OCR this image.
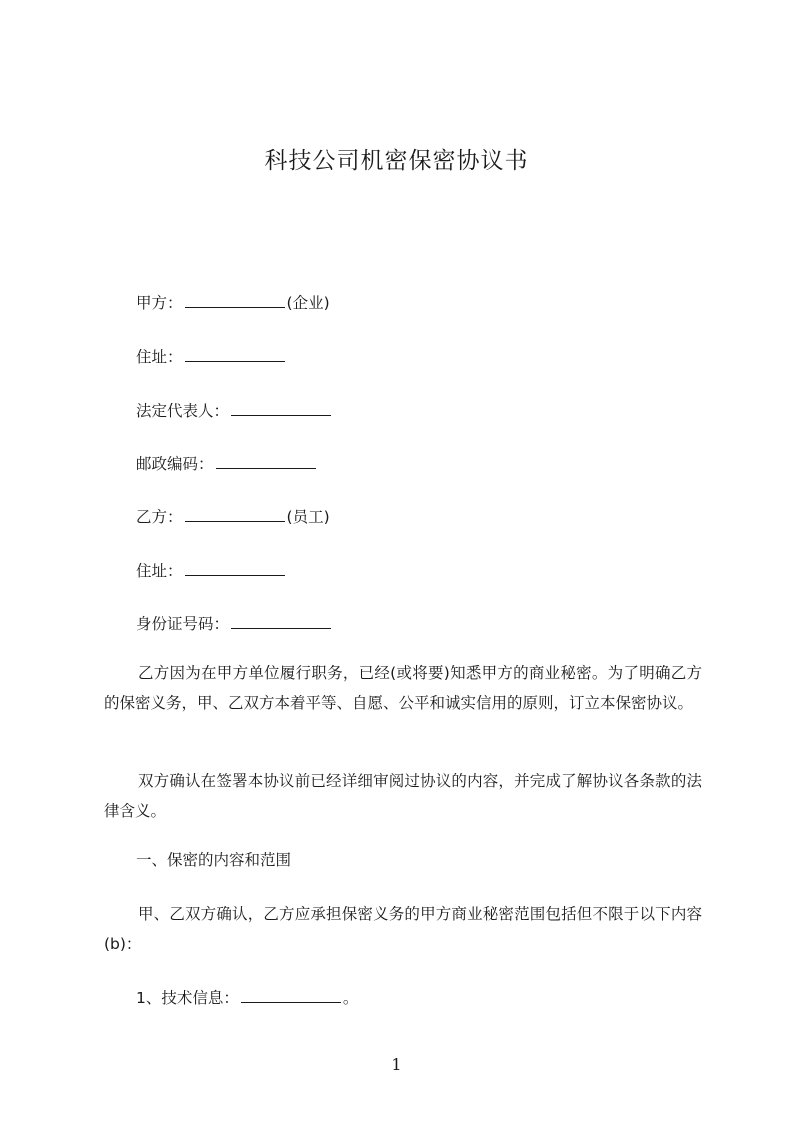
科技公司机密保密协议书
甲方：	(企业)
住址：
法定代表人：
邮政编码：
乙方：	(员工)
住址：
身份证号码：
乙方因为在甲方单位履行职务，已经(或将要)知悉甲方的商业秘密。为了明确乙方的保密义务，甲、乙双方本着平等、自愿、公平和诚实信用的原则，订立本保密协议。
双方确认在签署本协议前已经详细审阅过协议的内容，并完成了解协议各条款的法律含义。
一、保密的内容和范围
甲、乙双方确认，乙方应承担保密义务的甲方商业秘密范围包括但不限于以下内容(b)：
1、技术信息：	。
1
